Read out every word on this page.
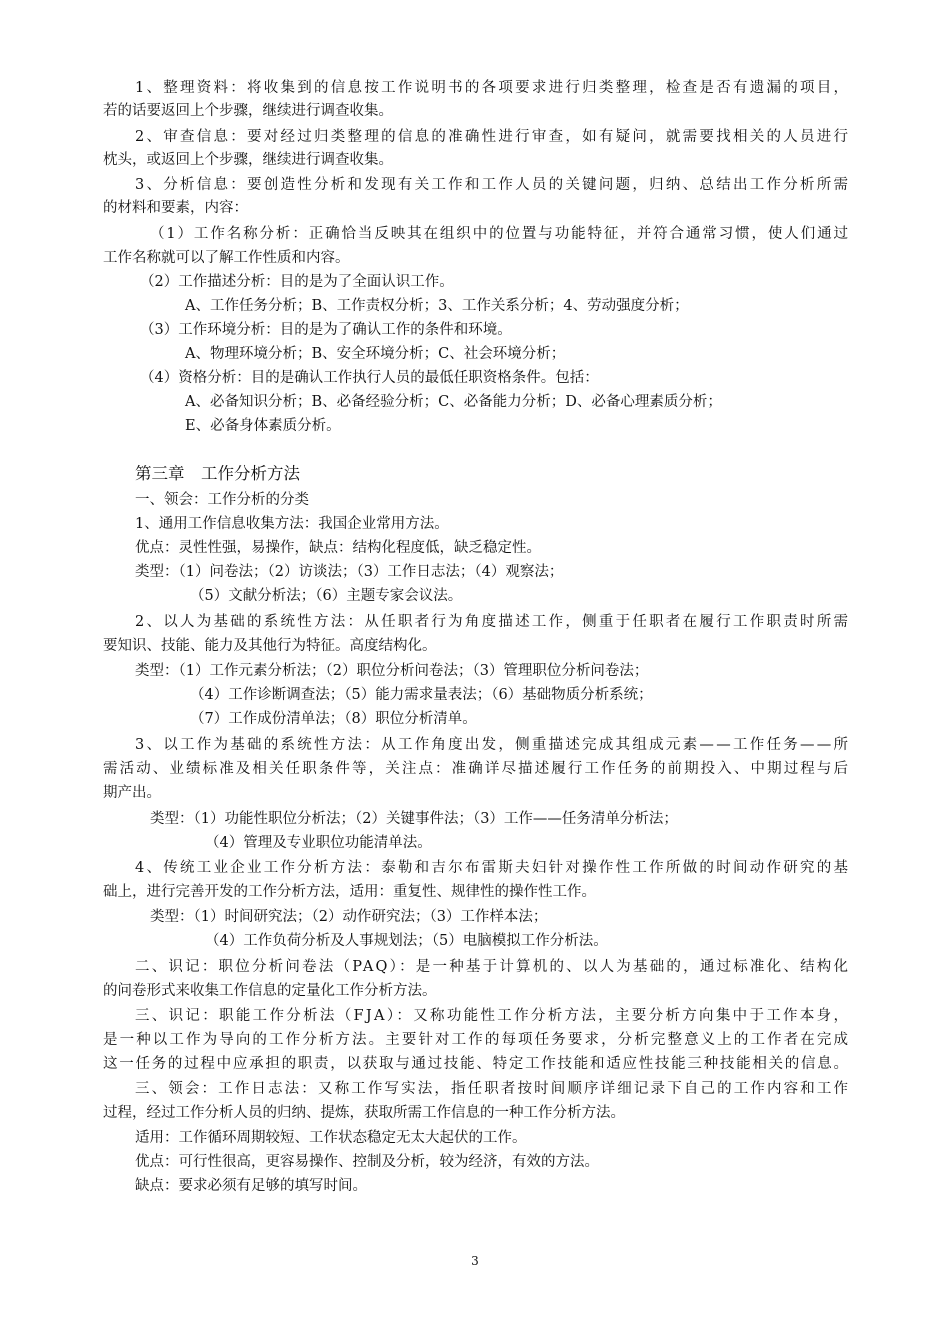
1、整理资料：将收集到的信息按工作说明书的各项要求进行归类整理，检查是否有遗漏的项目，
若的话要返回上个步骤，继续进行调查收集。
2、审查信息：要对经过归类整理的信息的准确性进行审查，如有疑问，就需要找相关的人员进行
枕头，或返回上个步骤，继续进行调查收集。
3、分析信息：要创造性分析和发现有关工作和工作人员的关键问题，归纳、总结出工作分析所需
的材料和要素，内容：
（1）工作名称分析：正确恰当反映其在组织中的位置与功能特征，并符合通常习惯，使人们通过
工作名称就可以了解工作性质和内容。
（2）工作描述分析：目的是为了全面认识工作。
A、工作任务分析；B、工作责权分析；3、工作关系分析；4、劳动强度分析；
（3）工作环境分析：目的是为了确认工作的条件和环境。
A、物理环境分析；B、安全环境分析；C、社会环境分析；
（4）资格分析：目的是确认工作执行人员的最低任职资格条件。包括：
A、必备知识分析；B、必备经验分析；C、必备能力分析；D、必备心理素质分析；
E、必备身体素质分析。
第三章　工作分析方法
一、领会：工作分析的分类
1、通用工作信息收集方法：我国企业常用方法。
优点：灵性性强，易操作，缺点：结构化程度低，缺乏稳定性。
类型：（1）问卷法；（2）访谈法；（3）工作日志法；（4）观察法；
（5）文献分析法；（6）主题专家会议法。
2、以人为基础的系统性方法：从任职者行为角度描述工作，侧重于任职者在履行工作职责时所需
要知识、技能、能力及其他行为特征。高度结构化。
类型：（1）工作元素分析法；（2）职位分析问卷法；（3）管理职位分析问卷法；
（4）工作诊断调查法；（5）能力需求量表法；（6）基础物质分析系统；
（7）工作成份清单法；（8）职位分析清单。
3、以工作为基础的系统性方法：从工作角度出发，侧重描述完成其组成元素——工作任务——所
需活动、业绩标准及相关任职条件等，关注点：准确详尽描述履行工作任务的前期投入、中期过程与后
期产出。
类型：（1）功能性职位分析法；（2）关键事件法；（3）工作——任务清单分析法；
（4）管理及专业职位功能清单法。
4、传统工业企业工作分析方法：泰勒和吉尔布雷斯夫妇针对操作性工作所做的时间动作研究的基
础上，进行完善开发的工作分析方法，适用：重复性、规律性的操作性工作。
类型：（1）时间研究法；（2）动作研究法；（3）工作样本法；
（4）工作负荷分析及人事规划法；（5）电脑模拟工作分析法。
二、识记：职位分析问卷法（PAQ）：是一种基于计算机的、以人为基础的，通过标准化、结构化
的问卷形式来收集工作信息的定量化工作分析方法。
三、识记：职能工作分析法（FJA）：又称功能性工作分析方法，主要分析方向集中于工作本身，
是一种以工作为导向的工作分析方法。主要针对工作的每项任务要求，分析完整意义上的工作者在完成
这一任务的过程中应承担的职责，以获取与通过技能、特定工作技能和适应性技能三种技能相关的信息。
三、领会：工作日志法：又称工作写实法，指任职者按时间顺序详细记录下自己的工作内容和工作
过程，经过工作分析人员的归纳、提炼，获取所需工作信息的一种工作分析方法。
适用：工作循环周期较短、工作状态稳定无太大起伏的工作。
优点：可行性很高，更容易操作、控制及分析，较为经济，有效的方法。
缺点：要求必须有足够的填写时间。
3
